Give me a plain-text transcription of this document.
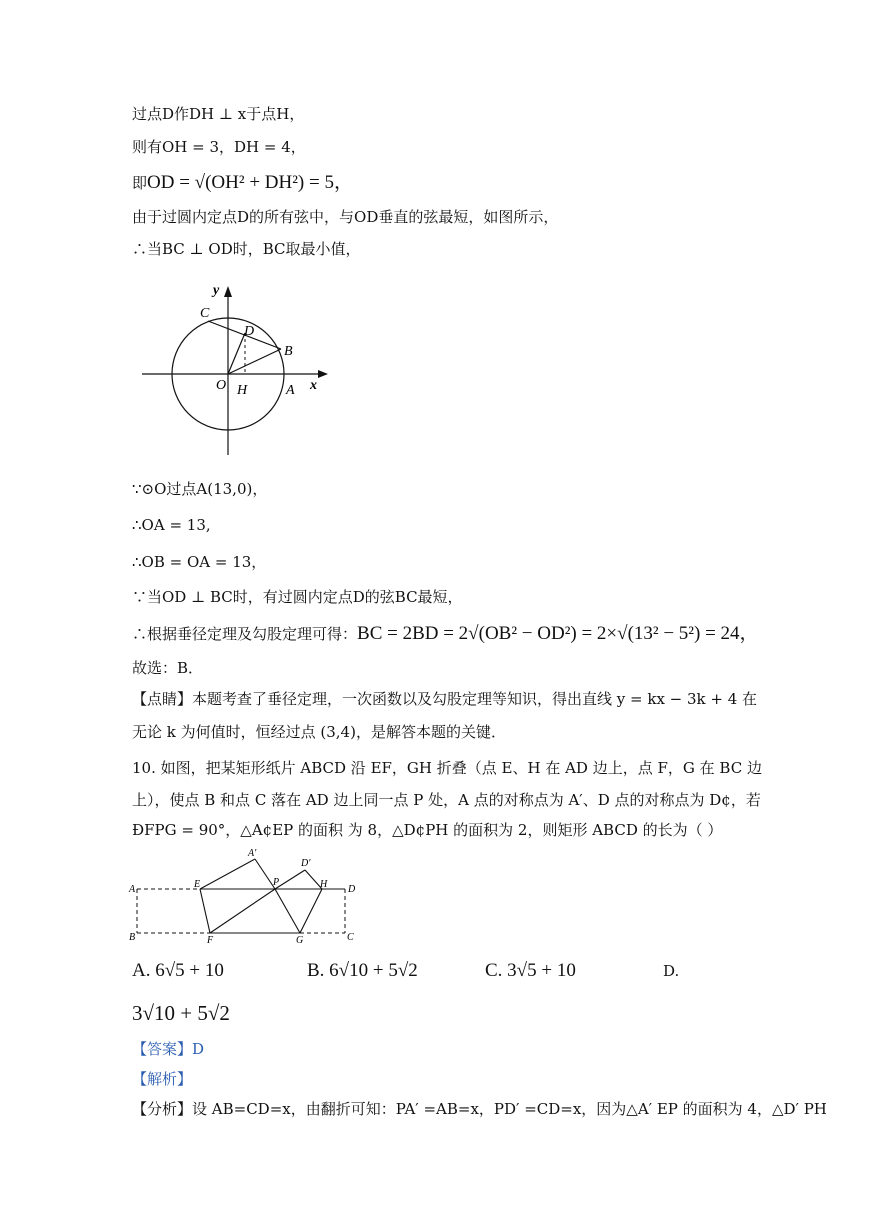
过点D作DH ⊥ x于点H，
则有OH = 3，DH = 4，
即OD = √(OH² + DH²) = 5，
由于过圆内定点D的所有弦中，与OD垂直的弦最短，如图所示，
∴当BC ⊥ OD时，BC取最小值，
y
C
D
B
O H	A x
∵⊙O过点A(13,0)，
∴OA = 13,
∴OB = OA = 13，
∵当OD ⊥ BC时，有过圆内定点D的弦BC最短，
∴根据垂径定理及勾股定理可得：BC = 2BD = 2√(OB² − OD²) = 2×√(13² − 5²) = 24，
故选：B．
【点睛】本题考查了垂径定理，一次函数以及勾股定理等知识，得出直线 y = kx − 3k + 4 在
无论 k 为何值时，恒经过点 (3,4)，是解答本题的关键．
10. 如图，把某矩形纸片 ABCD 沿 EF，GH 折叠（点 E、H 在 AD 边上，点 F，G 在 BC 边
上），使点 B 和点 C 落在 AD 边上同一点 P 处，A 点的对称点为 A′、D 点的对称点为 D¢，若
ÐFPG = 90°，△A¢EP 的面积 为 8，△D¢PH 的面积为 2，则矩形 ABCD 的长为（ ）
A
A'
D'
E	P	H D
B	F	G	C
A. 6√5 + 10	B. 6√10 + 5√2	C. 3√5 + 10	D.
3√10 + 5√2
【答案】D
【解析】
【分析】设 AB=CD=x，由翻折可知：PA′ =AB=x，PD′ =CD=x，因为△A′ EP 的面积为 4，△D′ PH
